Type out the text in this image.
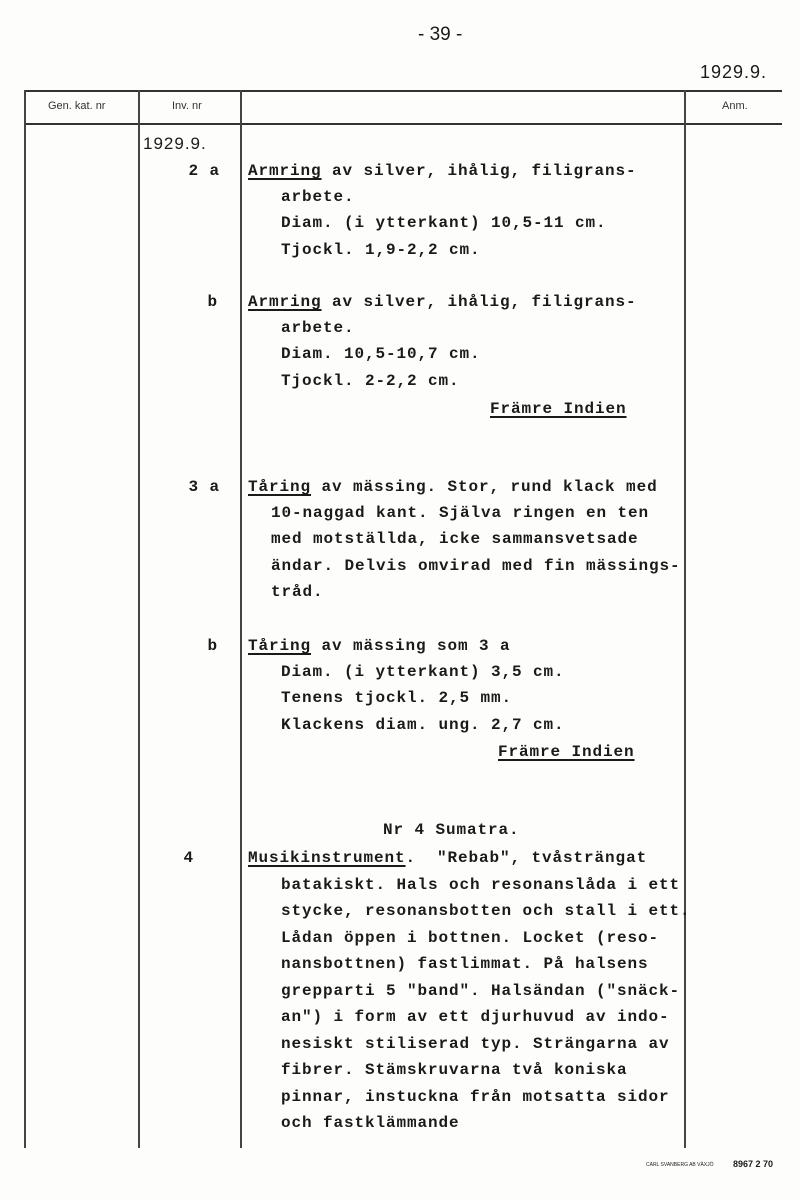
- 39 -
1929.9.
Gen. kat. nr	Inv. nr	Anm.
1929.9.
2 a Armring av silver, ihålig, filigrans-
arbete.
Diam. (i ytterkant) 10,5-11 cm.
Tjockl. 1,9-2,2 cm.
b Armring av silver, ihålig, filigrans-
arbete.
Diam. 10,5-10,7 cm.
Tjockl. 2-2,2 cm.
Främre Indien
3 a Tåring av mässing. Stor, rund klack med
10-naggad kant. Själva ringen en ten
med motställda, icke sammansvetsade
ändar. Delvis omvirad med fin mässings-
tråd.
b Tåring av mässing som 3 a
Diam. (i ytterkant) 3,5 cm.
Tenens tjockl. 2,5 mm.
Klackens diam. ung. 2,7 cm.
Främre Indien
Nr 4 Sumatra.
4	Musikinstrument.  "Rebab", tvåsträngat
batakiskt. Hals och resonanslåda i ett
stycke, resonansbotten och stall i ett.
Lådan öppen i bottnen. Locket (reso-
nansbottnen) fastlimmat. På halsens
grepparti 5 "band". Halsändan ("snäck-
an") i form av ett djurhuvud av indo-
nesiskt stiliserad typ. Strängarna av
fibrer. Stämskruvarna två koniska
pinnar, instuckna från motsatta sidor
och fastklämmande
CARL SVANBERG AB VÄXJÖ 8967 2 70
